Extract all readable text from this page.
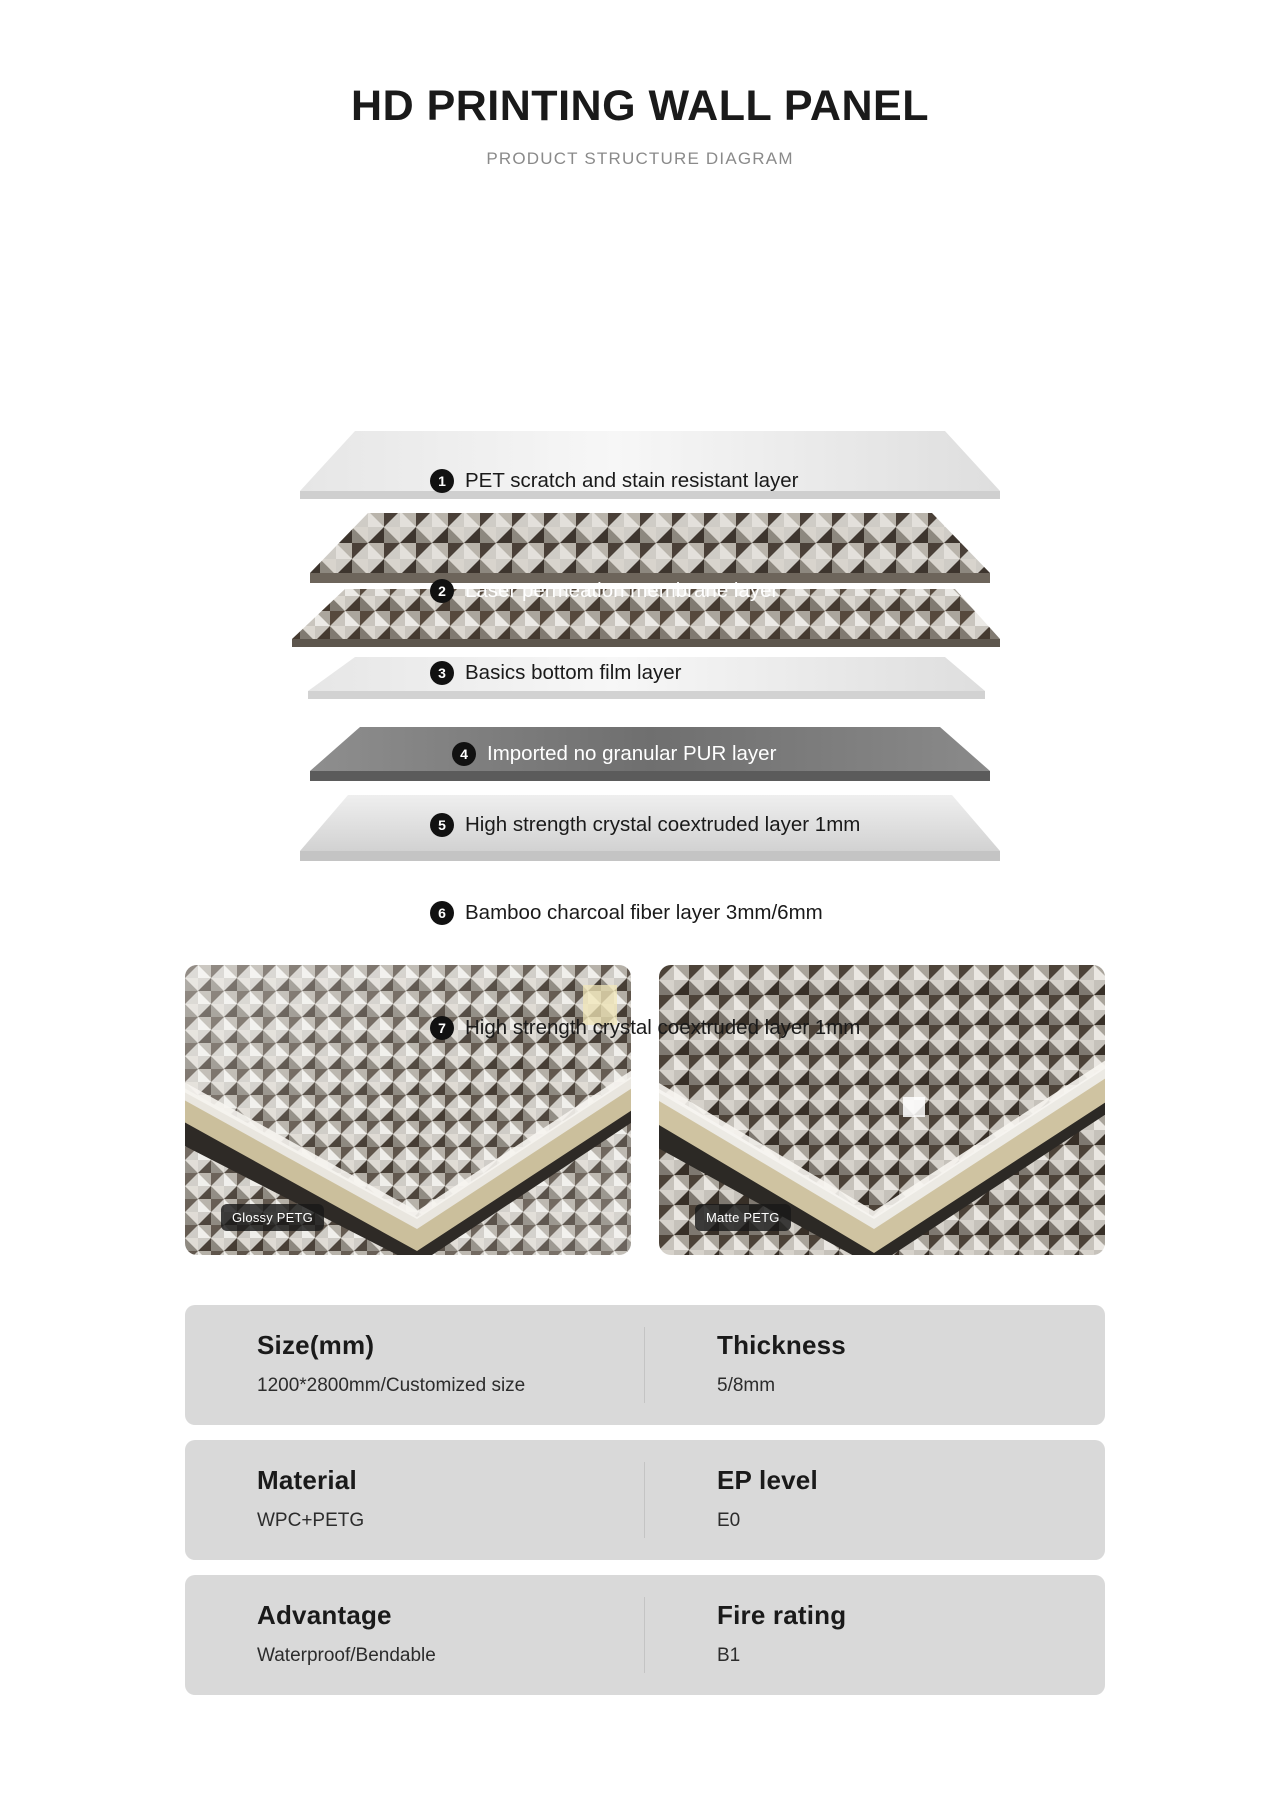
HD PRINTING WALL PANEL
PRODUCT STRUCTURE DIAGRAM
1 PET scratch and stain resistant layer
2 Laser permeation membrane layer
3 Basics bottom film layer
4 Imported no granular PUR layer
5 High strength crystal coextruded layer 1mm
6 Bamboo charcoal fiber layer 3mm/6mm
7 High strength crystal coextruded layer 1mm
Glossy PETG	Matte PETG
Size(mm)
1200*2800mm/Customized size
Thickness
5/8mm
Material
WPC+PETG
EP level
E0
Advantage
Waterproof/Bendable
Fire rating
B1
